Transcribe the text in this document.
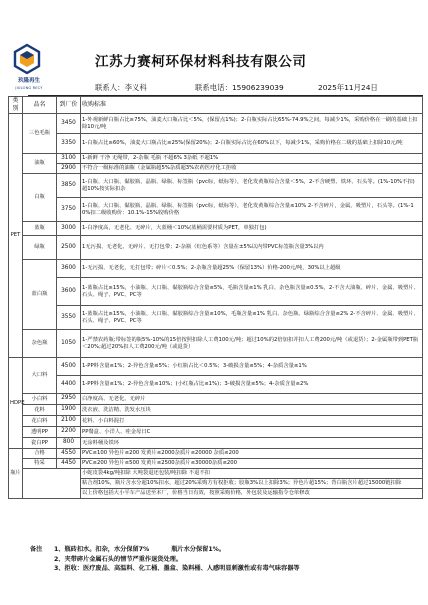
玖隆再生
JIULONG RECY
江苏力赛柯环保材料科技有限公司
联系人：李义科	联系电话：15906239039	2025年11月24日
类别	品名	到厂价	收购标准
PET	三色毛瓶	3450	1-外观新鲜白瓶占比≥75%，油麦大口瓶占比＜5%，(保留点1%)；2-白瓶实际占比65%-74.9%之间，每减少1%，采购价格在一刷的基础上扣除10元/吨
		3350	1-白瓶占比≥60%，油麦大口瓶占比≤25%(保留20%)；2-白瓶实际占比在60%以下，每减少1%，采购价格在二级的基础上扣除10元/吨
	油瓶	3100	1-新鲜 干净 无绳带，2-杂瓶 毛瓶 不超6% 3杂纸 不超1%
		2900	不符合一级标准的油瓶（金属瓶超5%杂质超3%农药医疗化工拒收
	白瓶	3850	1-白瓶、大口瓶、黏胶瓶、晶瓶、绿瓶、标签瓶（pvc标，纸标等），老化发黄瓶综合含量＜5%，2-不含硬塑、铁环、石头等。(1%-10%不扣) 超10%按实际扣杂
		3750	1-白瓶、大口瓶、黏胶瓶、晶瓶、绿瓶、标签瓶（pvc标，纸标等），老化发黄瓶综合含量≤10% 2-不含碎片，金属，吸塑片，石头等。(1%-10%扣二级收购价：10.1%-15%收购价格
	蓝瓶	3000	1-白净度高，无老化、无碎片，大蓝桶＜10%(蓝桶需要材质为PET，单独打包)
	绿瓶	2500	1无污损、无老化、无碎片、无打包带；2-杂瓶（红色系等）含量在±5%以内带PVC标签瓶含量3%以内
	蓝白瓶	3600	1-无污损、无老化，无打包带；碎片＜0.5%；2-杂瓶含量超25%（保留13%）价格-200元/吨，30%以上超级
		3600	1-蓝瓶占比≥15%，小油瓶、大口瓶、黏胶瓶综合含量≤5%，毛瓶含量≤1% 乳白、杂色瓶含量≤0.5%，2-不含大油瓶、碎片、金属、吸塑片、石头、绳子、PVC、PC等
		3550	1-蓝瓶占比≥15%，小油瓶、大口瓶、黏胶瓶综合含量≤10%，毛瓶含量≤1% 乳白、杂色瓶、绿瓶综合含量≤2% 2-不含碎片、金属、吸塑片、石头、绳子、PVC、PC等
	杂色瓶	1050	1-严禁农药瓶;带标签的瓶5%-10%的15倍按照扣除人工费100元/吨；超过10%的2倍加扣并扣人工费200元/吨（或退货）；2-金属瓶带到PET瓶＜20%;超过20%扣人工费200元/吨（或退货）
HDPE	大口料	4500	1-PP料含量≤1%；2-异色含量≤5%；小红瓶占比＜0.5%；3-破损含量≤5%；4-杂质含量≤1%
		4400	1-PP料含量≤1%；2-异色含量≤10%；(小红瓶占比≤1%)；3-破损含量≤5%；4-杂质含量≤2%
	小白料	2950	白净度高、无老化、无碎片
	花料	1900	洗衣液、洗洁精、洗发水压块
	花白料	2100	花料、小白料混打
	透明PP	2200	PP餐盒、小洋人、哇金母日C
	瓷白PP	800	无涂料桶及铁环
瓶片	合格	4550	PVC≤100 异色片≤200 发黄片≤2000杂质片≤20000 杂质≤200
	特采	4450	PVC≤200 异色片≤500 发黄片≤2500杂质片≤30000杂质≤200
			小蛇皮袋4kg/吨扣除 大吨袋退还包装/吨扣除 不退不扣
			粘合剂10%，瓶片含水分超10%扣水，超过20%采购方有权拒收；胶瓶3%以上扣除3%；异色片超15%；背白瓶含片超过15000链扣除
			以上价格包括大小平车产品送至本厂，价格当日有效，按照采购价格，外包装及运输指令仓单修改
备注	1、瓶砖扣水。扣杂，水分保留7%	瓶片水分保留1%。
2、夹带碎片金属石头的情节严重作退货处理。
3、拒收：医疗废品、高温料、化工桶、墨盒、染料桶、人感明显刺激性或有毒气味容器等
